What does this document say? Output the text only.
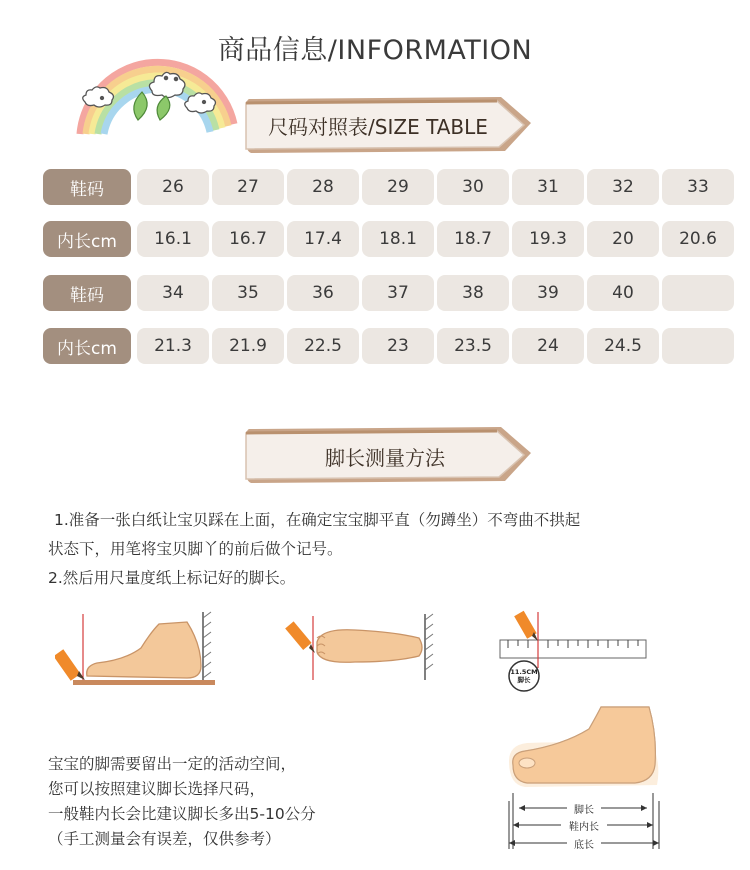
商品信息/INFORMATION
尺码对照表/SIZE TABLE
鞋码	26	27	28	29	30	31	32	33
内长cm	16.1	16.7	17.4	18.1	18.7	19.3	20	20.6
鞋码	34	35	36	37	38	39	40
内长cm	21.3	21.9	22.5	23	23.5	24	24.5
脚长测量方法
1.准备一张白纸让宝贝踩在上面，在确定宝宝脚平直（勿蹲坐）不弯曲不拱起
状态下，用笔将宝贝脚丫的前后做个记号。
2.然后用尺量度纸上标记好的脚长。
11.5CM
脚长
宝宝的脚需要留出一定的活动空间，
您可以按照建议脚长选择尺码，
一般鞋内长会比建议脚长多出5-10公分
（手工测量会有误差，仅供参考）
脚长
鞋内长
底长
